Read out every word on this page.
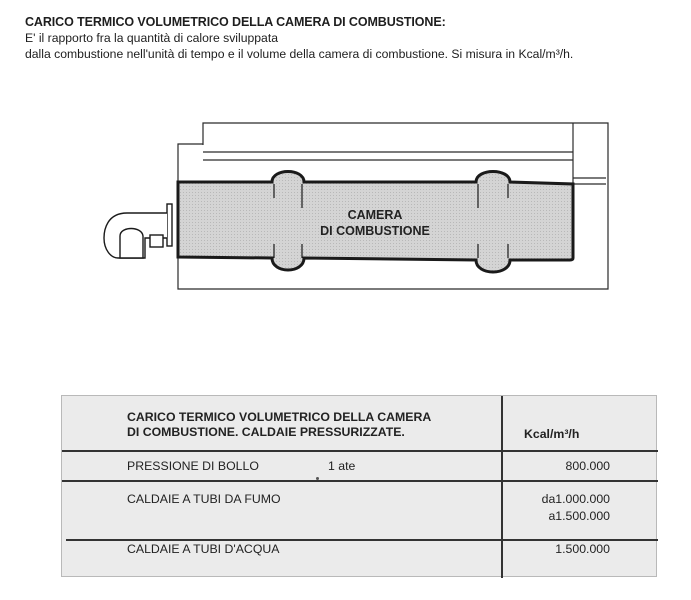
CARICO TERMICO VOLUMETRICO DELLA CAMERA DI COMBUSTIONE:
E' il rapporto fra la quantità di calore sviluppata
dalla combustione nell'unità di tempo e il volume della camera di combustione. Si misura in Kcal/m³/h.
CAMERA
DI COMBUSTIONE
CARICO TERMICO VOLUMETRICO DELLA CAMERA
DI COMBUSTIONE. CALDAIE PRESSURIZZATE.	Kcal/m³/h
PRESSIONE DI BOLLO	1 ate	800.000
CALDAIE A TUBI DA FUMO	da1.000.000
a1.500.000
CALDAIE A TUBI D'ACQUA	1.500.000
